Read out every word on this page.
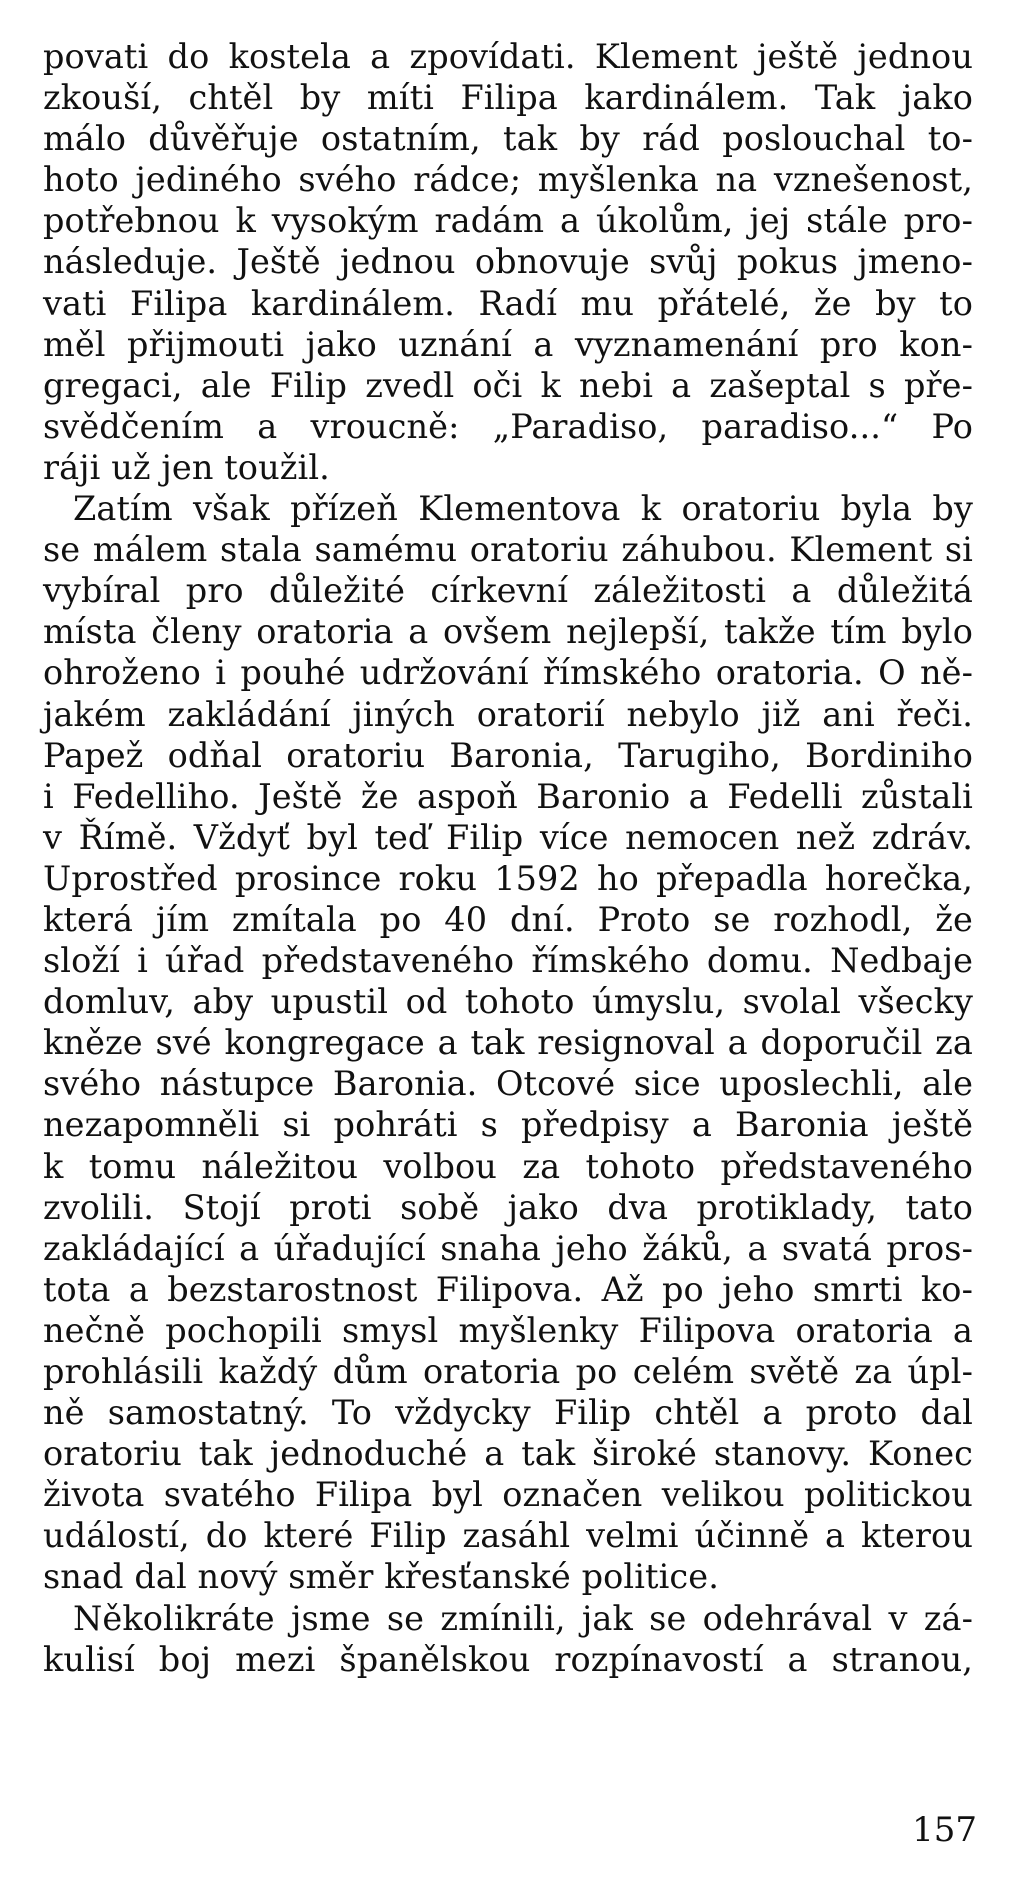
povati do kostela a zpovídati. Klement ještě jednou
zkouší, chtěl by míti Filipa kardinálem. Tak jako
málo důvěřuje ostatním, tak by rád poslouchal to-
hoto jediného svého rádce; myšlenka na vznešenost,
potřebnou k vysokým radám a úkolům, jej stále pro-
následuje. Ještě jednou obnovuje svůj pokus jmeno-
vati Filipa kardinálem. Radí mu přátelé, že by to
měl přijmouti jako uznání a vyznamenání pro kon-
gregaci, ale Filip zvedl oči k nebi a zašeptal s pře-
svědčením a vroucně: „Paradiso, paradiso...“ Po
ráji už jen toužil.
Zatím však přízeň Klementova k oratoriu byla by
se málem stala samému oratoriu záhubou. Klement si
vybíral pro důležité církevní záležitosti a důležitá
místa členy oratoria a ovšem nejlepší, takže tím bylo
ohroženo i pouhé udržování římského oratoria. O ně-
jakém zakládání jiných oratorií nebylo již ani řeči.
Papež odňal oratoriu Baronia, Tarugiho, Bordiniho
i Fedelliho. Ještě že aspoň Baronio a Fedelli zůstali
v Římě. Vždyť byl teď Filip více nemocen než zdráv.
Uprostřed prosince roku 1592 ho přepadla horečka,
která jím zmítala po 40 dní. Proto se rozhodl, že
složí i úřad představeného římského domu. Nedbaje
domluv, aby upustil od tohoto úmyslu, svolal všecky
kněze své kongregace a tak resignoval a doporučil za
svého nástupce Baronia. Otcové sice uposlechli, ale
nezapomněli si pohráti s předpisy a Baronia ještě
k tomu náležitou volbou za tohoto představeného
zvolili. Stojí proti sobě jako dva protiklady, tato
zakládající a úřadující snaha jeho žáků, a svatá pros-
tota a bezstarostnost Filipova. Až po jeho smrti ko-
nečně pochopili smysl myšlenky Filipova oratoria a
prohlásili každý dům oratoria po celém světě za úpl-
ně samostatný. To vždycky Filip chtěl a proto dal
oratoriu tak jednoduché a tak široké stanovy. Konec
života svatého Filipa byl označen velikou politickou
událostí, do které Filip zasáhl velmi účinně a kterou
snad dal nový směr křesťanské politice.
Několikráte jsme se zmínili, jak se odehrával v zá-
kulisí boj mezi španělskou rozpínavostí a stranou,
157
